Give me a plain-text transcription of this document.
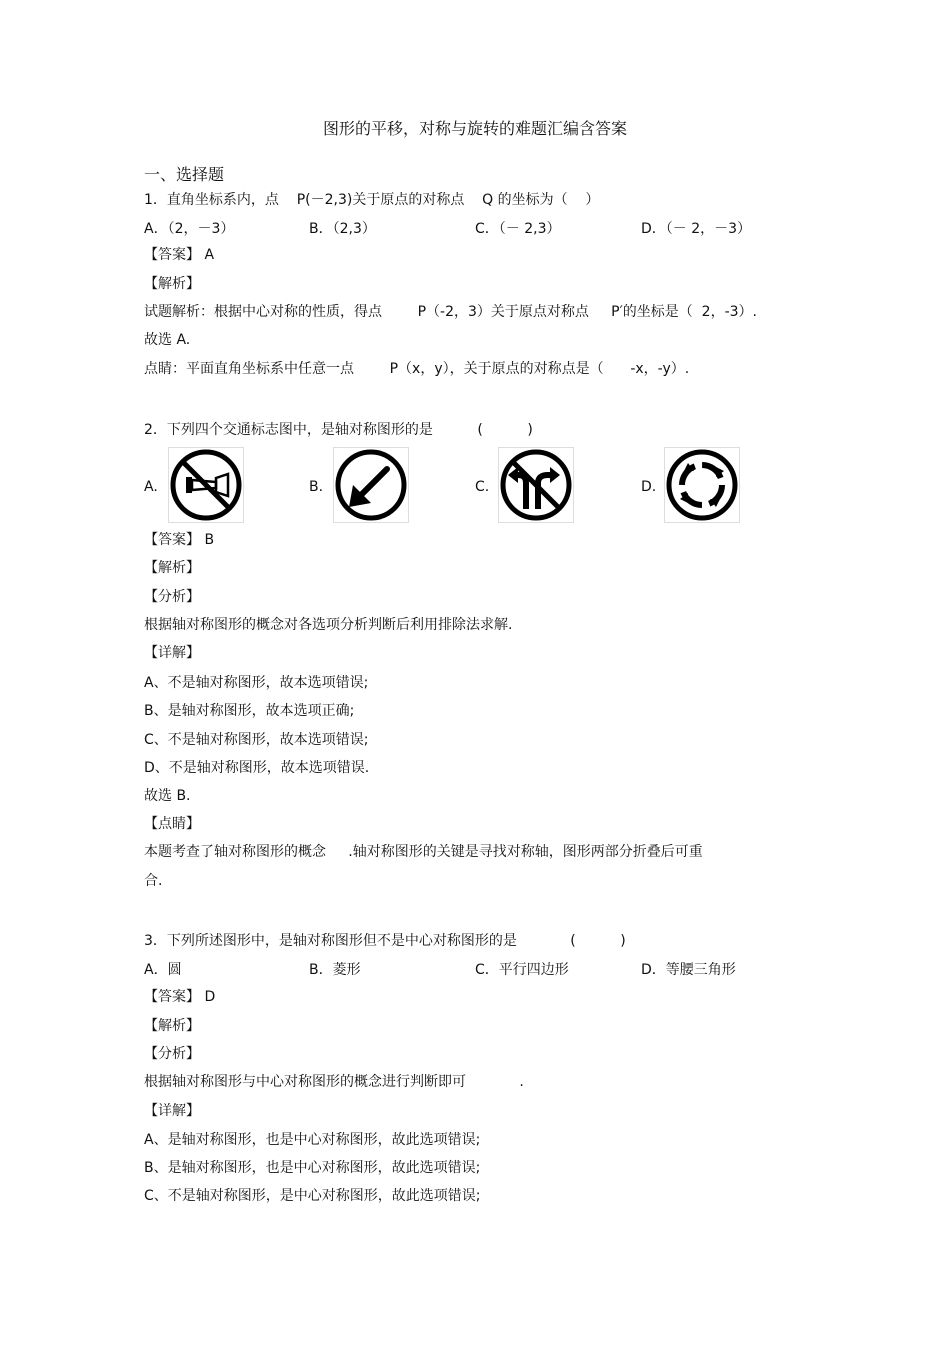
图形的平移，对称与旋转的难题汇编含答案
一、选择题
1．直角坐标系内，点    P(－2,3)关于原点的对称点    Q 的坐标为（    ）
A．（2，－3）	B．（2,3）	C．（－ 2,3）	D．（－ 2，－3）
【答案】 A
【解析】
试题解析：根据中心对称的性质，得点        P（-2，3）关于原点对称点     P′的坐标是（  2，-3）.
故选 A.
点睛：平面直角坐标系中任意一点        P（x，y），关于原点的对称点是（      -x，-y）.
2．下列四个交通标志图中，是轴对称图形的是          (          )
A.	B.	C.	D.
【答案】 B
【解析】
【分析】
根据轴对称图形的概念对各选项分析判断后利用排除法求解.
【详解】
A、不是轴对称图形，故本选项错误;
B、是轴对称图形，故本选项正确;
C、不是轴对称图形，故本选项错误;
D、不是轴对称图形，故本选项错误.
故选 B.
【点睛】
本题考查了轴对称图形的概念     .轴对称图形的关键是寻找对称轴，图形两部分折叠后可重
合.
3．下列所述图形中，是轴对称图形但不是中心对称图形的是            (          )
A．圆	B．菱形	C．平行四边形	D．等腰三角形
【答案】 D
【解析】
【分析】
根据轴对称图形与中心对称图形的概念进行判断即可            .
【详解】
A、是轴对称图形，也是中心对称图形，故此选项错误;
B、是轴对称图形，也是中心对称图形，故此选项错误;
C、不是轴对称图形，是中心对称图形，故此选项错误;
